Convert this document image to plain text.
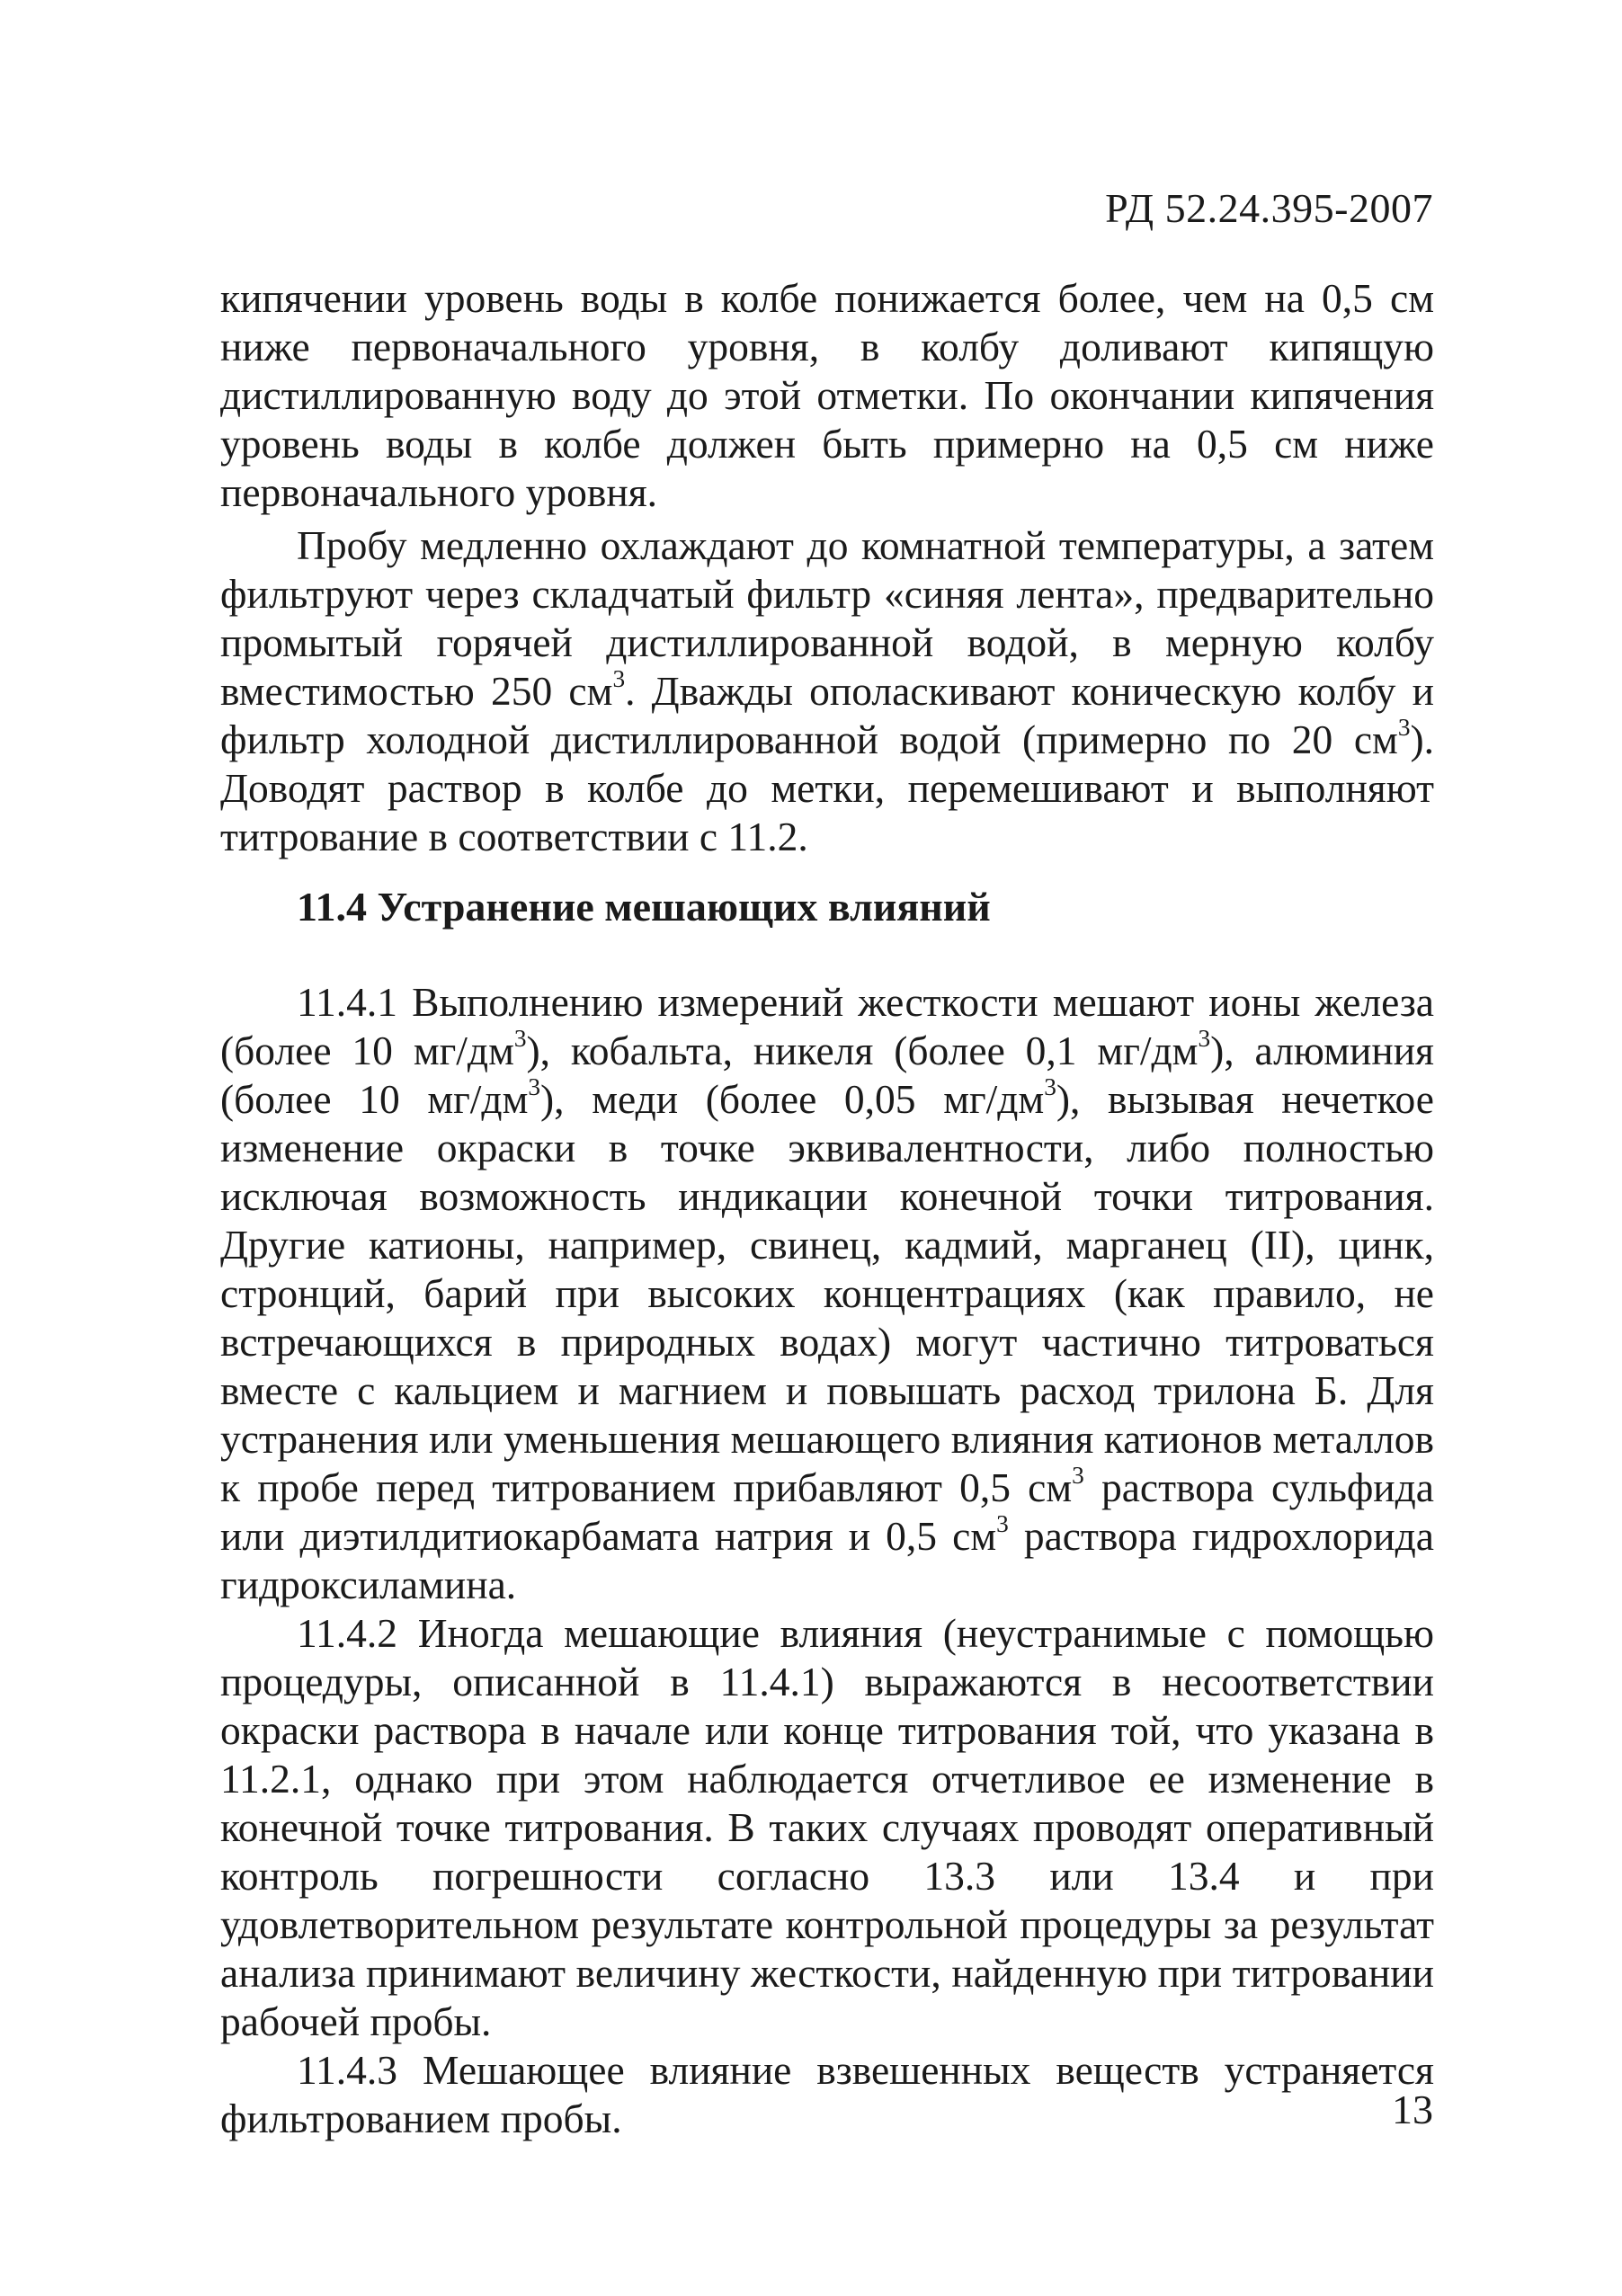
РД 52.24.395-2007

кипячении уровень воды в колбе понижается более, чем на 0,5 см ниже первоначального уровня, в колбу доливают кипящую дистиллированную воду до этой отметки. По окончании кипячения уровень воды в колбе должен быть примерно на 0,5 см ниже первоначального уровня.

Пробу медленно охлаждают до комнатной температуры, а затем фильтруют через складчатый фильтр «синяя лента», предварительно промытый горячей дистиллированной водой, в мерную колбу вместимостью 250 $см^3$. Дважды ополаскивают коническую колбу и фильтр холодной дистиллированной водой (примерно по 20 $см^3$). Доводят раствор в колбе до метки, перемешивают и выполняют титрование в соответствии с 11.2.

11.4 Устранение мешающих влияний

11.4.1 Выполнению измерений жесткости мешают ионы железа (более 10 $мг/дм^3$), кобальта, никеля (более 0,1 $мг/дм^3$), алюминия (более 10 $мг/дм^3$), меди (более 0,05 $мг/дм^3$), вызывая нечеткое изменение окраски в точке эквивалентности, либо полностью исключая возможность индикации конечной точки титрования. Другие катионы, например, свинец, кадмий, марганец (II), цинк, стронций, барий при высоких концентрациях (как правило, не встречающихся в природных водах) могут частично титроваться вместе с кальцием и магнием и повышать расход трилона Б. Для устранения или уменьшения мешающего влияния катионов металлов к пробе перед титрованием прибавляют 0,5 $см^3$ раствора сульфида или диэтилдитиокарбамата натрия и 0,5 $см^3$ раствора гидрохлорида гидроксиламина.

11.4.2 Иногда мешающие влияния (неустранимые с помощью процедуры, описанной в 11.4.1) выражаются в несоответствии окраски раствора в начале или конце титрования той, что указана в 11.2.1, однако при этом наблюдается отчетливое ее изменение в конечной точке титрования. В таких случаях проводят оперативный контроль погрешности согласно 13.3 или 13.4 и при удовлетворительном результате контрольной процедуры за результат анализа принимают величину жесткости, найденную при титровании рабочей пробы.

11.4.3 Мешающее влияние взвешенных веществ устраняется фильтрованием пробы.	13
